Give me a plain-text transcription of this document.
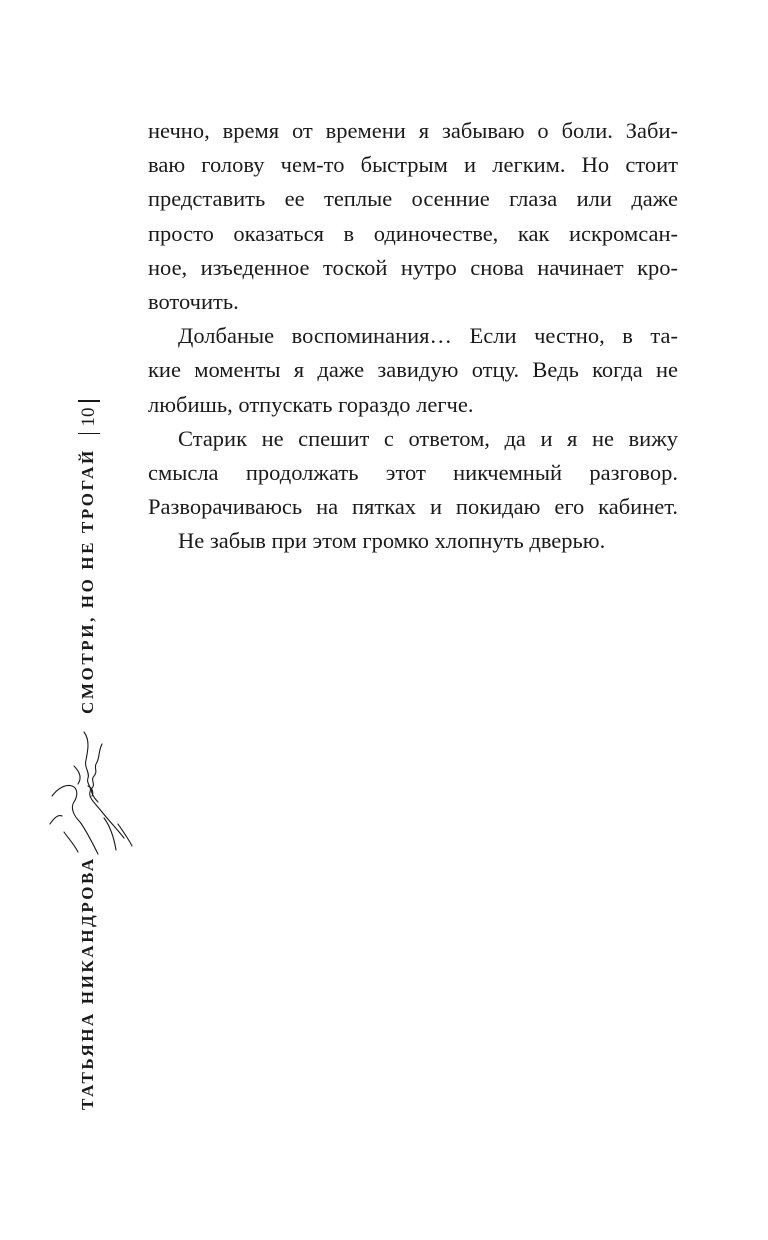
нечно, время от времени я забываю о боли. Заби-
ваю голову чем-то быстрым и легким. Но стоит
представить ее теплые осенние глаза или даже
просто оказаться в одиночестве, как искромсан-
ное, изъеденное тоской нутро снова начинает кро-
воточить.
Долбаные воспоминания… Если честно, в та-
кие моменты я даже завидую отцу. Ведь когда не
любишь, отпускать гораздо легче.
Старик не спешит с ответом, да и я не вижу
смысла продолжать этот никчемный разговор.
Разворачиваюсь на пятках и покидаю его кабинет.
Не забыв при этом громко хлопнуть дверью.
10
СМОТРИ, НО НЕ ТРОГАЙ
ТАТЬЯНА НИКАНДРОВА
